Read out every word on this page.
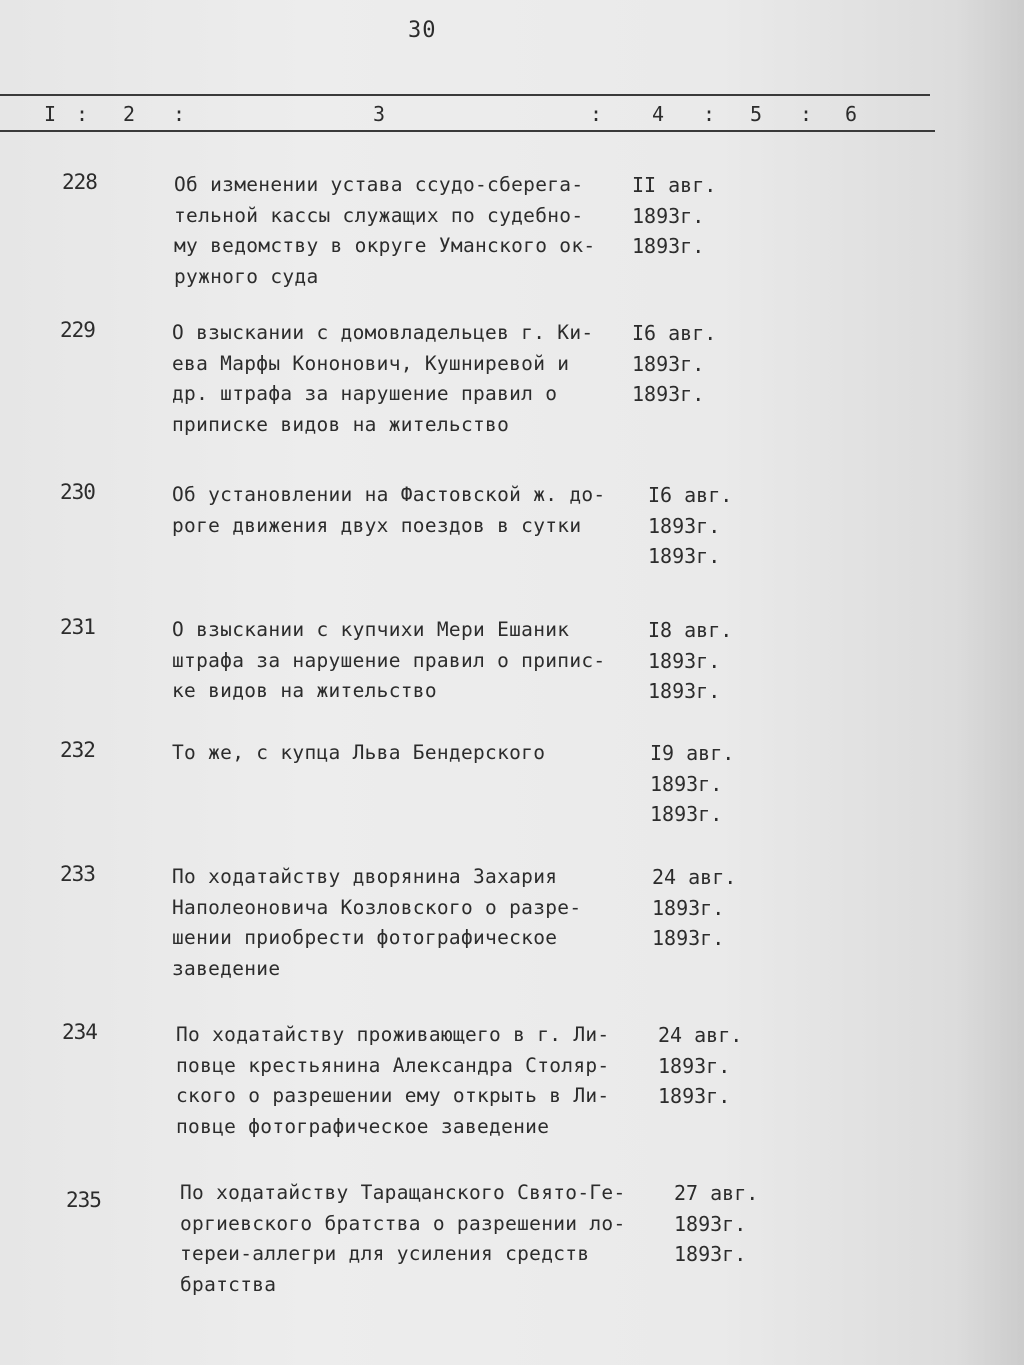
30
I : 2 :	3	: 4 : 5 : 6
228	Об изменении устава ссудо-сберега-
тельной кассы служащих по судебно-
му ведомству в округе Уманского ок-
ружного суда
II авг.
1893г.
1893г.
229	О взыскании с домовладельцев г. Ки-
ева Марфы Кононович, Кушниревой и
др. штрафа за нарушение правил о
приписке видов на жительство
I6 авг.
1893г.
1893г.
230	Об установлении на Фастовской ж. до-
роге движения двух поездов в сутки
I6 авг.
1893г.
1893г.
231	О взыскании с купчихи Мери Ешаник
штрафа за нарушение правил о припис-
ке видов на жительство
I8 авг.
1893г.
1893г.
232	То же, с купца Льва Бендерского	I9 авг.
1893г.
1893г.
233	По ходатайству дворянина Захария
Наполеоновича Козловского о разре-
шении приобрести фотографическое
заведение
24 авг.
1893г.
1893г.
234	По ходатайству проживающего в г. Ли-
повце крестьянина Александра Столяр-
ского о разрешении ему открыть в Ли-
повце фотографическое заведение
24 авг.
1893г.
1893г.
235	По ходатайству Таращанского Свято-Ге-
оргиевского братства о разрешении ло-
тереи-аллегри для усиления средств
братства
27 авг.
1893г.
1893г.
